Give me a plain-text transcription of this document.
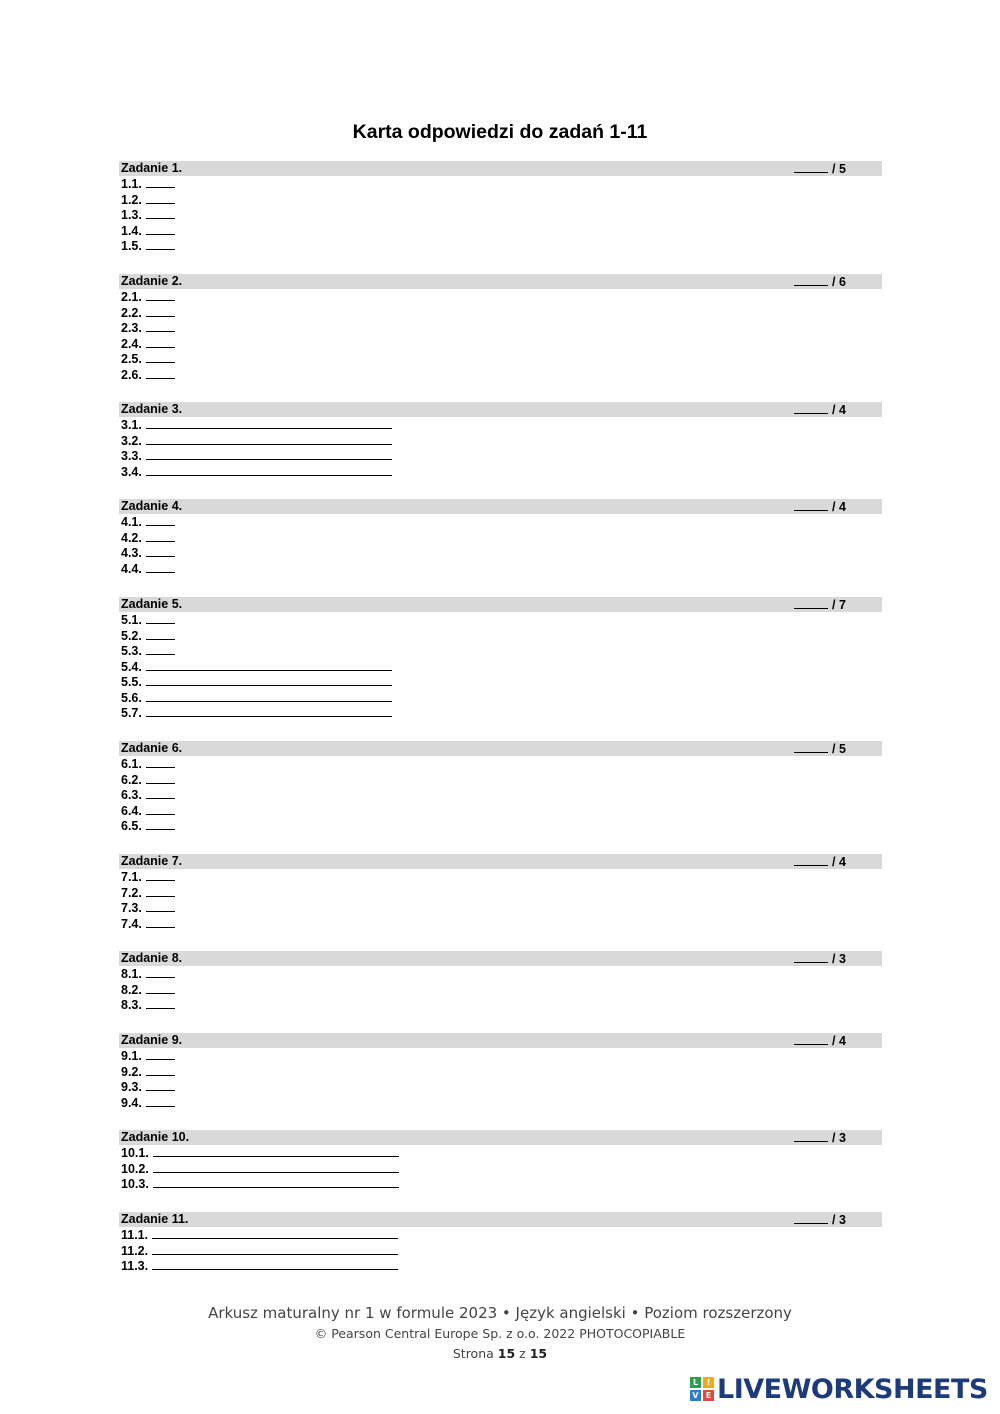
Karta odpowiedzi do zadań 1-11
Zadanie 1.	/ 5
1.1.
1.2.
1.3.
1.4.
1.5.
Zadanie 2.	/ 6
2.1.
2.2.
2.3.
2.4.
2.5.
2.6.
Zadanie 3.	/ 4
3.1.
3.2.
3.3.
3.4.
Zadanie 4.	/ 4
4.1.
4.2.
4.3.
4.4.
Zadanie 5.	/ 7
5.1.
5.2.
5.3.
5.4.
5.5.
5.6.
5.7.
Zadanie 6.	/ 5
6.1.
6.2.
6.3.
6.4.
6.5.
Zadanie 7.	/ 4
7.1.
7.2.
7.3.
7.4.
Zadanie 8.	/ 3
8.1.
8.2.
8.3.
Zadanie 9.	/ 4
9.1.
9.2.
9.3.
9.4.
Zadanie 10.	/ 3
10.1.
10.2.
10.3.
Zadanie 11.	/ 3
11.1.
11.2.
11.3.
Arkusz maturalny nr 1 w formule 2023 • Język angielski • Poziom rozszerzony
© Pearson Central Europe Sp. z o.o. 2022 PHOTOCOPIABLE
Strona 15 z 15
L	I
V E LIVEWORKSHEETS
